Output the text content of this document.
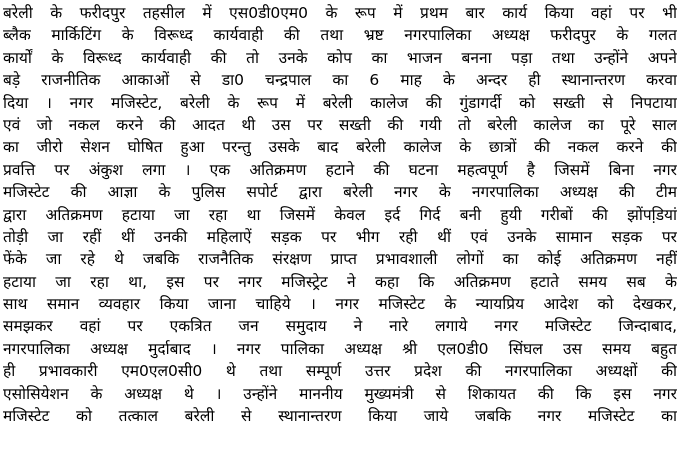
बरेली के फरीदपुर तहसील में एस0डी0एम0 के रूप में प्रथम बार कार्य किया वहां पर भी
ब्लैक मार्किटिंग के विरूध्द कार्यवाही की तथा भ्रष्ट नगरपालिका अध्यक्ष फरीदपुर के गलत
कार्यों के विरूध्द कार्यवाही की तो उनके कोप का भाजन बनना पड़ा तथा उन्होंने अपने
बड़े राजनीतिक आकाओं से डा0 चन्द्रपाल का 6 माह के अन्दर ही स्थानान्तरण करवा
दिया । नगर मजिस्टेट, बरेली के रूप में बरेली कालेज की गुंडागर्दी को सख्ती से निपटाया
एवं जो नकल करने की आदत थी उस पर सख्ती की गयी तो बरेली कालेज का पूरे साल
का जीरो सेशन घोषित हुआ परन्तु उसके बाद बरेली कालेज के छात्रों की नकल करने की
प्रवत्ति पर अंकुश लगा । एक अतिक्रमण हटाने की घटना महत्वपूर्ण है जिसमें बिना नगर
मजिस्टेट की आज्ञा के पुलिस सपोर्ट द्वारा बरेली नगर के नगरपालिका अध्यक्ष की टीम
द्वारा अतिक्रमण हटाया जा रहा था जिसमें केवल इर्द गिर्द बनी हुयी गरीबों की झोंपडि़यां
तोड़ी जा रहीं थीं उनकी महिलाऐं सड़क पर भीग रही थीं एवं उनके सामान सड़क पर
फेंके जा रहे थे जबकि राजनैतिक संरक्षण प्राप्त प्रभावशाली लोगों का कोई अतिक्रमण नहीं
हटाया जा रहा था, इस पर नगर मजिस्ट्रेट ने कहा कि अतिक्रमण हटाते समय सब के
साथ समान व्यवहार किया जाना चाहिये । नगर मजिस्टेट के न्यायप्रिय आदेश को देखकर,
समझकर वहां पर एकत्रित जन समुदाय ने नारे लगाये नगर मजिस्टेट जिन्दाबाद,
नगरपालिका अध्यक्ष मुर्दाबाद । नगर पालिका अध्यक्ष श्री एल0डी0 सिंघल उस समय बहुत
ही प्रभावकारी एम0एल0सी0 थे तथा सम्पूर्ण उत्तर प्रदेश की नगरपालिका अध्यक्षों की
एसोसियेशन के अध्यक्ष थे । उन्होंने माननीय मुख्यमंत्री से शिकायत की कि इस नगर
मजिस्टेट को तत्काल बरेली से स्थानान्तरण किया जाये जबकि नगर मजिस्टेट का
